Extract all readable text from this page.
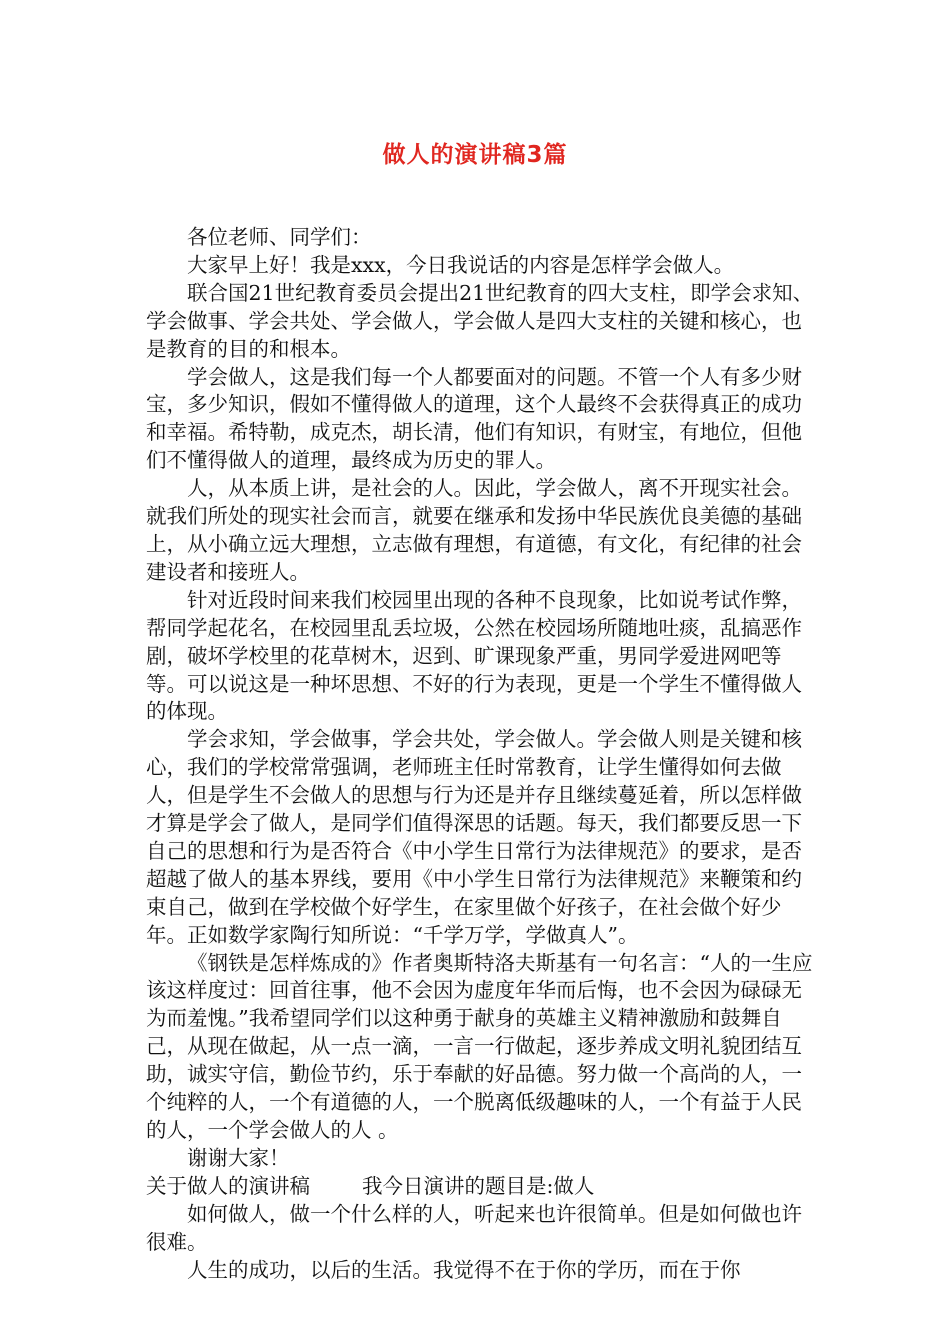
做人的演讲稿3篇

各位老师、同学们：

大家早上好！我是xxx，今日我说话的内容是怎样学会做人。

联合国21世纪教育委员会提出21世纪教育的四大支柱，即学会求知、学会做事、学会共处、学会做人，学会做人是四大支柱的关键和核心，也是教育的目的和根本。

学会做人，这是我们每一个人都要面对的问题。不管一个人有多少财宝，多少知识，假如不懂得做人的道理，这个人最终不会获得真正的成功和幸福。希特勒，成克杰，胡长清，他们有知识，有财宝，有地位，但他们不懂得做人的道理，最终成为历史的罪人。

人，从本质上讲，是社会的人。因此，学会做人，离不开现实社会。就我们所处的现实社会而言，就要在继承和发扬中华民族优良美德的基础上，从小确立远大理想，立志做有理想，有道德，有文化，有纪律的社会建设者和接班人。

针对近段时间来我们校园里出现的各种不良现象，比如说考试作弊，帮同学起花名，在校园里乱丢垃圾，公然在校园场所随地吐痰，乱搞恶作剧，破坏学校里的花草树木，迟到、旷课现象严重，男同学爱进网吧等等。可以说这是一种坏思想、不好的行为表现，更是一个学生不懂得做人的体现。

学会求知，学会做事，学会共处，学会做人。学会做人则是关键和核心，我们的学校常常强调，老师班主任时常教育，让学生懂得如何去做人，但是学生不会做人的思想与行为还是并存且继续蔓延着，所以怎样做才算是学会了做人，是同学们值得深思的话题。每天，我们都要反思一下自己的思想和行为是否符合《中小学生日常行为法律规范》的要求，是否超越了做人的基本界线，要用《中小学生日常行为法律规范》来鞭策和约束自己，做到在学校做个好学生，在家里做个好孩子，在社会做个好少年。正如数学家陶行知所说：“千学万学，学做真人”。

《钢铁是怎样炼成的》作者奥斯特洛夫斯基有一句名言：“人的一生应该这样度过：回首往事，他不会因为虚度年华而后悔，也不会因为碌碌无为而羞愧。”我希望同学们以这种勇于献身的英雄主义精神激励和鼓舞自己，从现在做起，从一点一滴，一言一行做起，逐步养成文明礼貌团结互助，诚实守信，勤俭节约，乐于奉献的好品德。努力做一个高尚的人，一个纯粹的人，一个有道德的人，一个脱离低级趣味的人，一个有益于人民的人，一个学会做人的人 。

谢谢大家！

关于做人的演讲稿	我今日演讲的题目是:做人

如何做人，做一个什么样的人，听起来也许很简单。但是如何做也许很难。

人生的成功，以后的生活。我觉得不在于你的学历，而在于你
